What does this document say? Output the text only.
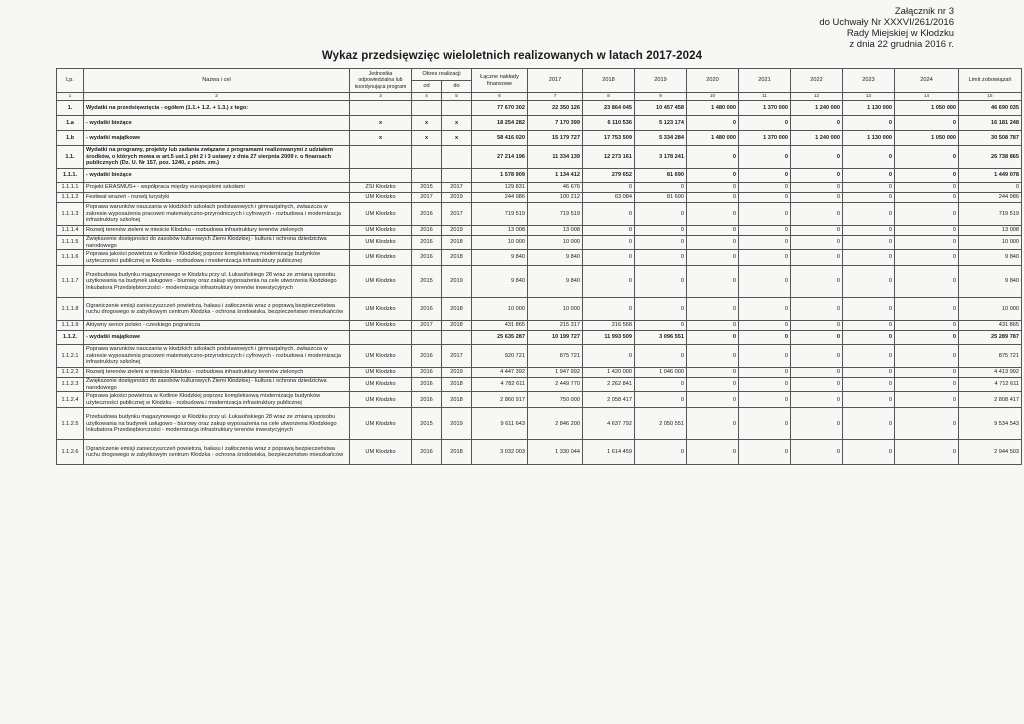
Załącznik nr 3
do Uchwały Nr XXXVI/261/2016
Rady Miejskiej w Kłodzku
z dnia 22 grudnia 2016 r.
Wykaz przedsięwzięc wieloletnich realizowanych w latach 2017-2024
Lp.	Nazwa i cel	Jednostka odpowiedzialna lub koordynująca program	Okres realizacji		Łączne nakłady finansowe	2017	2018	2019	2020	2021	2022	2023	2024	Limit zobowiązań
			od	do										
1	2	3	4	5	6	7	8	9	10	11	12	13	14	15
1.	Wydatki na przedsięwzięcia - ogółem (1.1.+ 1.2. + 1.3.) z tego:				77 670 302	22 350 126	23 864 045	10 457 458	1 480 000	1 370 000	1 240 000	1 130 000	1 050 000	46 690 035
1.a	- wydatki bieżące	x	x	x	18 254 282	7 170 399	6 110 536	5 123 174	0	0	0	0	0	16 181 248
1.b	- wydatki majątkowe	x	x	x	58 416 020	15 179 727	17 753 509	5 334 284	1 480 000	1 370 000	1 240 000	1 130 000	1 050 000	30 508 787
1.1.	Wydatki na programy, projekty lub zadania związane z programami realizowanymi z udziałem środków, o których mowa w art.5 ust.1 pkt 2 i 3 ustawy z dnia 27 sierpnia 2009 r. o finansach publicznych (Dz. U. Nr 157, poz. 1240, z późn. zm.)				27 214 196	11 334 139	12 273 161	3 178 241	0	0	0	0	0	26 738 865
1.1.1.	- wydatki bieżące				1 578 909	1 134 412	279 652	81 690	0	0	0	0	0	1 449 078
1.1.1.1	Projekt ERASMUS+ - współpraca między europejskimi szkołami	ZSI Kłodzko	2015	2017	129 831	46 676	0	0	0	0	0	0	0	0
1.1.1.2	Festiwal wrażeń - rozwój turystyki	UM Kłodzko	2017	2019	244 986	100 212	63 084	81 690	0	0	0	0	0	244 986
1.1.1.3	Poprawa warunków nauczania w kłodzkich szkołach podstawowych i gimnazjalnych, zwłaszcza w zakresie wyposażenia pracowni matematyczno-przyrodniczych i cyfrowych - rozbudowa i modernizacja infrastruktury szkolnej	UM Kłodzko	2016	2017	719 519	719 519	0	0	0	0	0	0	0	719 519
1.1.1.4	Rozwój terenów zieleni w mieście Kłodzku - rozbudowa infrastruktury terenów zielonych	UM Kłodzko	2016	2019	13 008	13 008	0	0	0	0	0	0	0	13 008
1.1.1.5	Zwiększenie dostępności do zasobów kulturowych Ziemi Kłodzkiej - kultura i ochrona dziedzictwa narodowego	UM Kłodzko	2016	2018	10 000	10 000	0	0	0	0	0	0	0	10 000
1.1.1.6	Poprawa jakości powietrza w Kotlinie Kłodzkiej poprzez kompleksową modernizację budynków użyteczności publicznej w Kłodzku - rozbudowa i modernizacja infrastruktury publicznej	UM Kłodzko	2016	2018	9 840	9 840	0	0	0	0	0	0	0	9 840
1.1.1.7	Przebudowa budynku magazynowego w Kłodzku przy ul. Łukasińskiego 28 wraz ze zmianą sposobu użytkowania na budynek usługowo - biurowy oraz zakup wyposażenia na cele utworzenia Kłodzkiego Inkubatora Przedsiębiorczości - modernizacja infrastruktury terenów inwestycyjnych	UM Kłodzko	2015	2019	9 840	9 840	0	0	0	0	0	0	0	9 840
1.1.1.8	Ograniczenie emisji zanieczyszczeń powietrza, hałasu i zatłoczenia wraz z poprawą bezpieczeństwa ruchu drogowego w zabytkowym centrum Kłodzka - ochrona środowiska, bezpieczeństwo mieszkańców	UM Kłodzko	2016	2018	10 000	10 000	0	0	0	0	0	0	0	10 000
1.1.1.9	Aktywny senior polsko - czeskiego pogranicza	UM Kłodzko	2017	2018	431 865	215 317	216 568	0	0	0	0	0	0	431 865
1.1.2.	- wydatki majątkowe				25 635 287	10 199 727	11 993 509	3 096 551	0	0	0	0	0	25 289 787
1.1.2.1	Poprawa warunków nauczania w kłodzkich szkołach podstawowych i gimnazjalnych, zwłaszcza w zakresie wyposażenia pracowni matematyczno-przyrodniczych i cyfrowych - rozbudowa i modernizacja infrastruktury szkolnej	UM Kłodzko	2016	2017	920 721	875 721	0	0	0	0	0	0	0	875 721
1.1.2.2	Rozwój terenów zieleni w mieście Kłodzku - rozbudowa infrastruktury terenów zielonych	UM Kłodzko	2016	2019	4 447 392	1 947 992	1 420 000	1 046 000	0	0	0	0	0	4 413 992
1.1.2.3	Zwiększenie dostępności do zasobów kulturowych Ziemi Kłodzkiej - kultura i ochrona dziedzictwa narodowego	UM Kłodzko	2016	2018	4 782 611	2 449 770	2 262 841	0	0	0	0	0	0	4 712 611
1.1.2.4	Poprawa jakości powietrza w Kotlinie Kłodzkiej poprzez kompleksową modernizację budynków użyteczności publicznej w Kłodzku - rozbudowa i modernizacja infrastruktury publicznej	UM Kłodzko	2016	2018	2 860 917	750 000	2 058 417	0	0	0	0	0	0	2 808 417
1.1.2.5	Przebudowa budynku magazynowego w Kłodzku przy ul. Łukasińskiego 28 wraz ze zmianą sposobu użytkowania na budynek usługowo - biurowy oraz zakup wyposażenia na cele utworzenia Kłodzkiego Inkubatora Przedsiębiorczości - modernizacja infrastruktury terenów inwestycyjnych	UM Kłodzko	2015	2019	9 611 643	2 846 200	4 637 792	2 050 551	0	0	0	0	0	9 534 543
1.1.2.6	Ograniczenie emisji zanieczyszczeń powietrza, hałasu i zatłoczenia wraz z poprawą bezpieczeństwa ruchu drogowego w zabytkowym centrum Kłodzka - ochrona środowiska, bezpieczeństwo mieszkańców	UM Kłodzko	2016	2018	3 032 003	1 330 044	1 614 459	0	0	0	0	0	0	2 944 503
